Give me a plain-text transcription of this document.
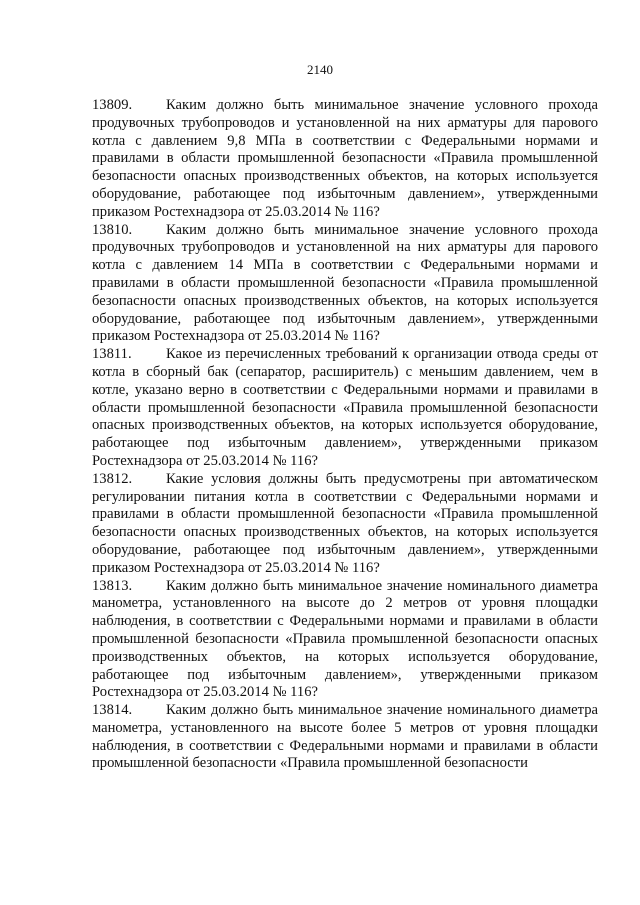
2140

13809. Каким должно быть минимальное значение условного прохода продувочных трубопроводов и установленной на них арматуры для парового котла с давлением 9,8 МПа в соответствии с Федеральными нормами и правилами в области промышленной безопасности «Правила промышленной безопасности опасных производственных объектов, на которых используется оборудование, работающее под избыточным давлением», утвержденными приказом Ростехнадзора от 25.03.2014 № 116?

13810. Каким должно быть минимальное значение условного прохода продувочных трубопроводов и установленной на них арматуры для парового котла с давлением 14 МПа в соответствии с Федеральными нормами и правилами в области промышленной безопасности «Правила промышленной безопасности опасных производственных объектов, на которых используется оборудование, работающее под избыточным давлением», утвержденными приказом Ростехнадзора от 25.03.2014 № 116?

13811. Какое из перечисленных требований к организации отвода среды от котла в сборный бак (сепаратор, расширитель) с меньшим давлением, чем в котле, указано верно в соответствии с Федеральными нормами и правилами в области промышленной безопасности «Правила промышленной безопасности опасных производственных объектов, на которых используется оборудование, работающее под избыточным давлением», утвержденными приказом Ростехнадзора от 25.03.2014 № 116?

13812. Какие условия должны быть предусмотрены при автоматическом регулировании питания котла в соответствии с Федеральными нормами и правилами в области промышленной безопасности «Правила промышленной безопасности опасных производственных объектов, на которых используется оборудование, работающее под избыточным давлением», утвержденными приказом Ростехнадзора от 25.03.2014 № 116?

13813. Каким должно быть минимальное значение номинального диаметра манометра, установленного на высоте до 2 метров от уровня площадки наблюдения, в соответствии с Федеральными нормами и правилами в области промышленной безопасности «Правила промышленной безопасности опасных производственных объектов, на которых используется оборудование, работающее под избыточным давлением», утвержденными приказом Ростехнадзора от 25.03.2014 № 116?

13814. Каким должно быть минимальное значение номинального диаметра манометра, установленного на высоте более 5 метров от уровня площадки наблюдения, в соответствии с Федеральными нормами и правилами в области промышленной безопасности «Правила промышленной безопасности
